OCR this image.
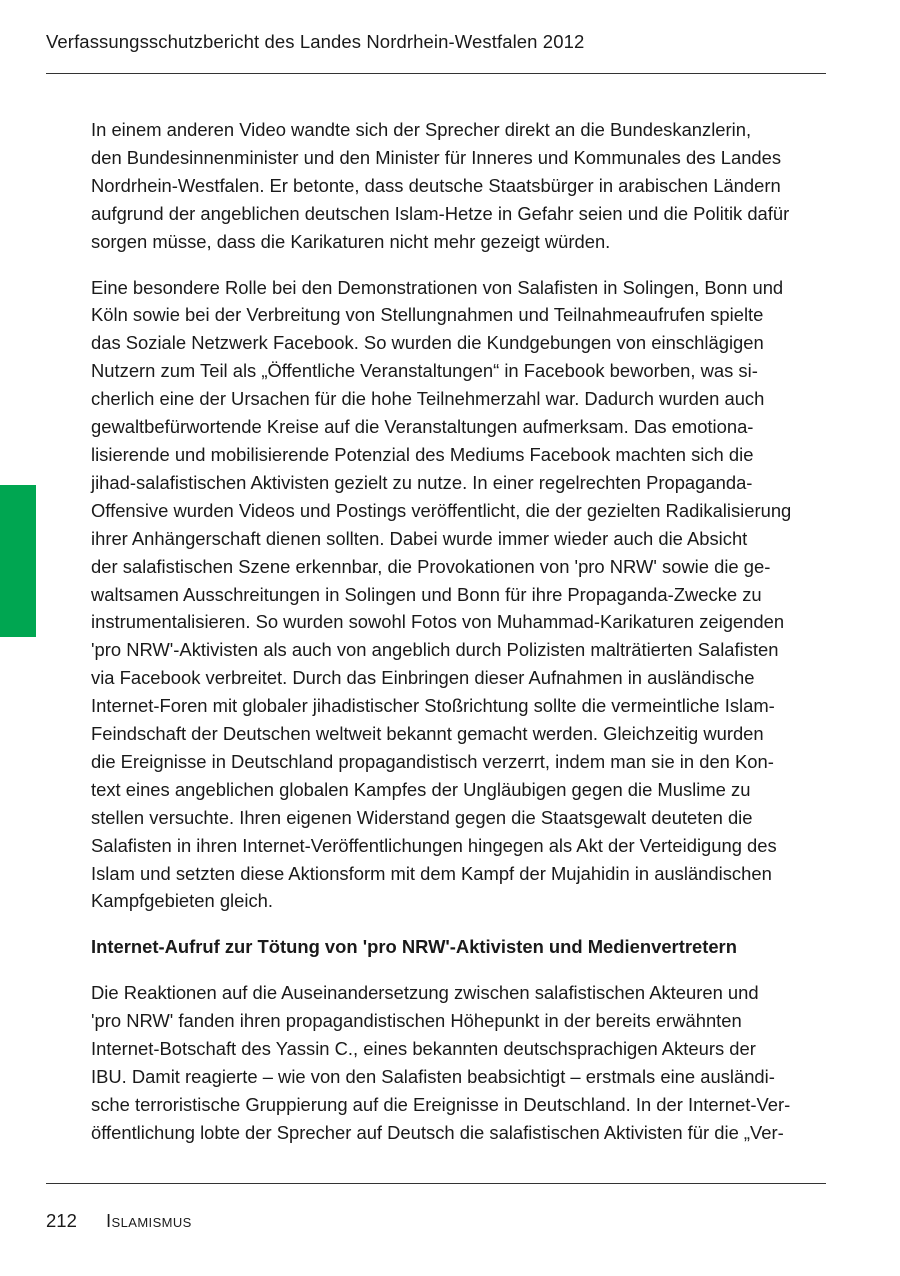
Verfassungsschutzbericht des Landes Nordrhein-Westfalen 2012
In einem anderen Video wandte sich der Sprecher direkt an die Bundeskanzlerin,
den Bundesinnenminister und den Minister für Inneres und Kommunales des Landes
Nordrhein-Westfalen. Er betonte, dass deutsche Staatsbürger in arabischen Ländern
aufgrund der angeblichen deutschen Islam-Hetze in Gefahr seien und die Politik dafür
sorgen müsse, dass die Karikaturen nicht mehr gezeigt würden.
Eine besondere Rolle bei den Demonstrationen von Salafisten in Solingen, Bonn und
Köln sowie bei der Verbreitung von Stellungnahmen und Teilnahmeaufrufen spielte
das Soziale Netzwerk Facebook. So wurden die Kundgebungen von einschlägigen
Nutzern zum Teil als „Öffentliche Veranstaltungen“ in Facebook beworben, was si-
cherlich eine der Ursachen für die hohe Teilnehmerzahl war. Dadurch wurden auch
gewaltbefürwortende Kreise auf die Veranstaltungen aufmerksam. Das emotiona-
lisierende und mobilisierende Potenzial des Mediums Facebook machten sich die
jihad-salafistischen Aktivisten gezielt zu nutze. In einer regelrechten Propaganda-
Offensive wurden Videos und Postings veröffentlicht, die der gezielten Radikalisierung
ihrer Anhängerschaft dienen sollten. Dabei wurde immer wieder auch die Absicht
der salafistischen Szene erkennbar, die Provokationen von 'pro NRW' sowie die ge-
waltsamen Ausschreitungen in Solingen und Bonn für ihre Propaganda-Zwecke zu
instrumentalisieren. So wurden sowohl Fotos von Muhammad-Karikaturen zeigenden
'pro NRW'-Aktivisten als auch von angeblich durch Polizisten malträtierten Salafisten
via Facebook verbreitet. Durch das Einbringen dieser Aufnahmen in ausländische
Internet-Foren mit globaler jihadistischer Stoßrichtung sollte die vermeintliche Islam-
Feindschaft der Deutschen weltweit bekannt gemacht werden. Gleichzeitig wurden
die Ereignisse in Deutschland propagandistisch verzerrt, indem man sie in den Kon-
text eines angeblichen globalen Kampfes der Ungläubigen gegen die Muslime zu
stellen versuchte. Ihren eigenen Widerstand gegen die Staatsgewalt deuteten die
Salafisten in ihren Internet-Veröffentlichungen hingegen als Akt der Verteidigung des
Islam und setzten diese Aktionsform mit dem Kampf der Mujahidin in ausländischen
Kampfgebieten gleich.
Internet-Aufruf zur Tötung von 'pro NRW'-Aktivisten und Medienvertretern
Die Reaktionen auf die Auseinandersetzung zwischen salafistischen Akteuren und
'pro NRW' fanden ihren propagandistischen Höhepunkt in der bereits erwähnten
Internet-Botschaft des Yassin C., eines bekannten deutschsprachigen Akteurs der
IBU. Damit reagierte – wie von den Salafisten beabsichtigt – erstmals eine ausländi-
sche terroristische Gruppierung auf die Ereignisse in Deutschland. In der Internet-Ver-
öffentlichung lobte der Sprecher auf Deutsch die salafistischen Aktivisten für die „Ver-
212 Islamismus
